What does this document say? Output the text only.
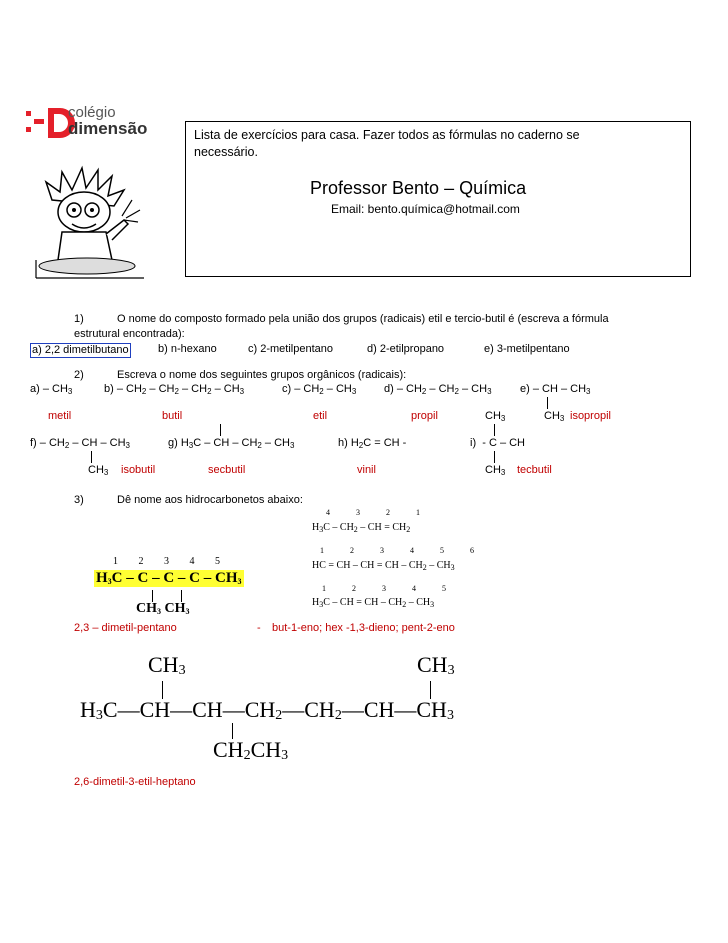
colégio
dimensão	Lista de exercícios para casa. Fazer todos as fórmulas no caderno se
necessário.
Professor Bento – Química
Email: bento.química@hotmail.com
1)	O nome do composto formado pela união dos grupos (radicais) etil e tercio-butil é (escreva a fórmula
estrutural encontrada):
a) 2,2 dimetilbutano	b) n-hexano	c) 2-metilpentano	d) 2-etilpropano	e) 3-metilpentano
2)	Escreva o nome dos seguintes grupos orgânicos (radicais):
$a) - CH_3$	$b) - CH_2 - CH_2 - CH_2 - CH_3$	$c) - CH_2 - CH_3$	$d) - CH_2 - CH_2 - CH_3$	e) – CH – $CH_3$
metil	butil	etil	propil	$CH_3$	$CH_3$ isopropil
$f) - CH_2$ – CH – $CH_3$	g) $H_3C$ – CH – $CH_2 - CH_3$	h) $H_2C$ = CH -	i)  - C – CH
$CH_3$ isobutil	secbutil	vinil	$CH_3$ tecbutil
3)	Dê nome aos hidrocarbonetos abaixo:
1 2 3 4 5
$H_3C$ – C – C – C – $CH_3$
$CH_3$ $CH_3$
4 3 2 1
$H_3C - CH_2$ – CH = $CH_2$
1 2 3 4 5 6
HC = CH – CH = CH – $CH_2 - CH_3$
1 2 3 4 5
$H_3C$ – CH = CH – $CH_2 - CH_3$
2,3 – dimetil-pentano	- but-1-eno; hex -1,3-dieno; pent-2-eno
$CH_3$	$CH_3$
$H_3C—CH—CH—CH_2—CH_2—CH—CH_3$
$CH_2CH_3$
2,6-dimetil-3-etil-heptano
